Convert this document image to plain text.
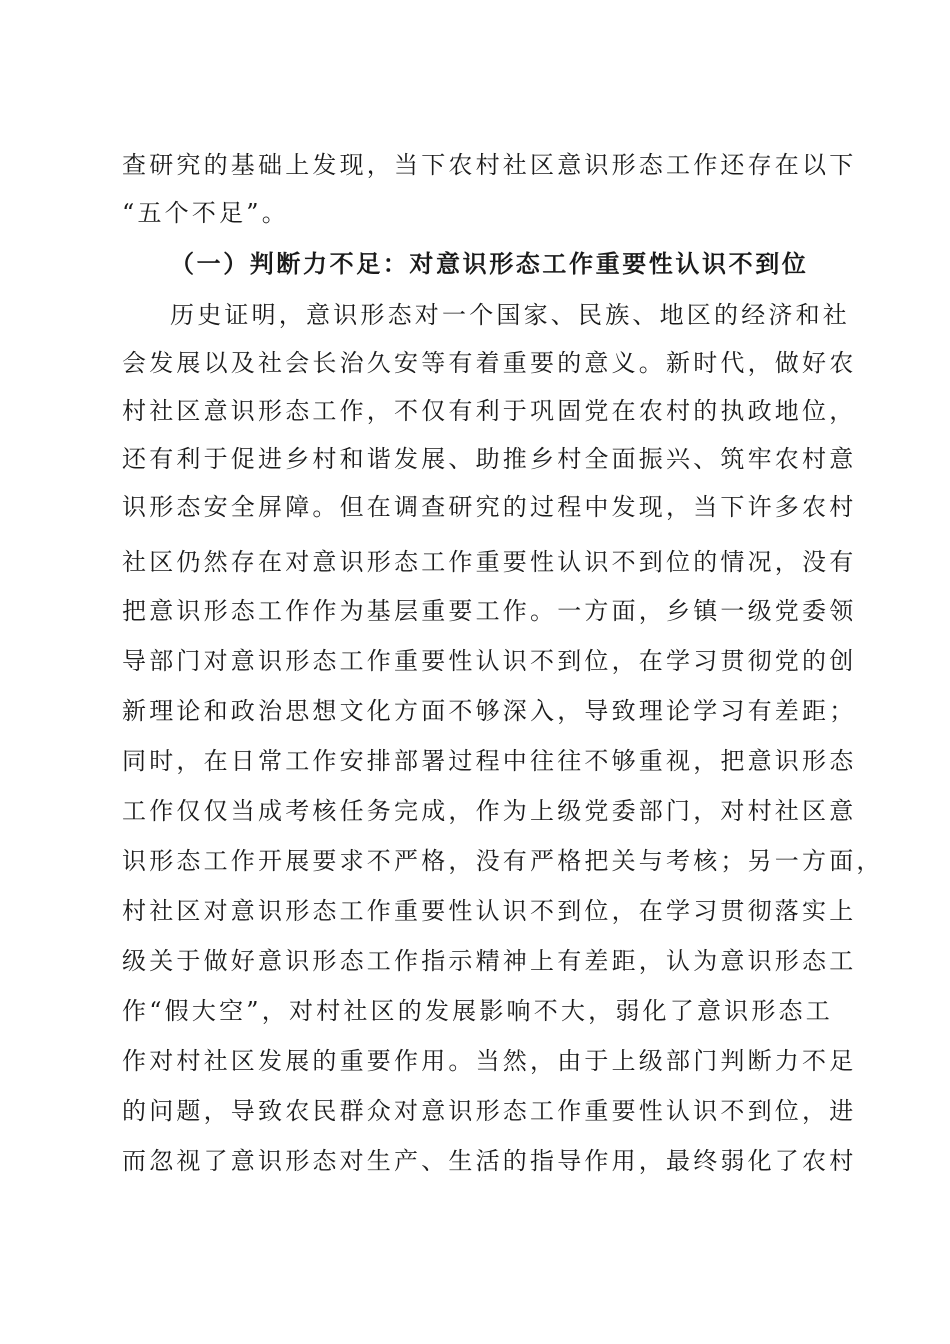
查研究的基础上发现，当下农村社区意识形态工作还存在以下
“五个不足”。
（一）判断力不足：对意识形态工作重要性认识不到位
历史证明，意识形态对一个国家、民族、地区的经济和社
会发展以及社会长治久安等有着重要的意义。新时代，做好农
村社区意识形态工作，不仅有利于巩固党在农村的执政地位，
还有利于促进乡村和谐发展、助推乡村全面振兴、筑牢农村意
识形态安全屏障。但在调查研究的过程中发现，当下许多农村
社区仍然存在对意识形态工作重要性认识不到位的情况，没有
把意识形态工作作为基层重要工作。一方面，乡镇一级党委领
导部门对意识形态工作重要性认识不到位，在学习贯彻党的创
新理论和政治思想文化方面不够深入，导致理论学习有差距；
同时，在日常工作安排部署过程中往往不够重视，把意识形态
工作仅仅当成考核任务完成，作为上级党委部门，对村社区意
识形态工作开展要求不严格，没有严格把关与考核；另一方面，
村社区对意识形态工作重要性认识不到位，在学习贯彻落实上
级关于做好意识形态工作指示精神上有差距，认为意识形态工
作“假大空”，对村社区的发展影响不大，弱化了意识形态工
作对村社区发展的重要作用。当然，由于上级部门判断力不足
的问题，导致农民群众对意识形态工作重要性认识不到位，进
而忽视了意识形态对生产、生活的指导作用，最终弱化了农村
